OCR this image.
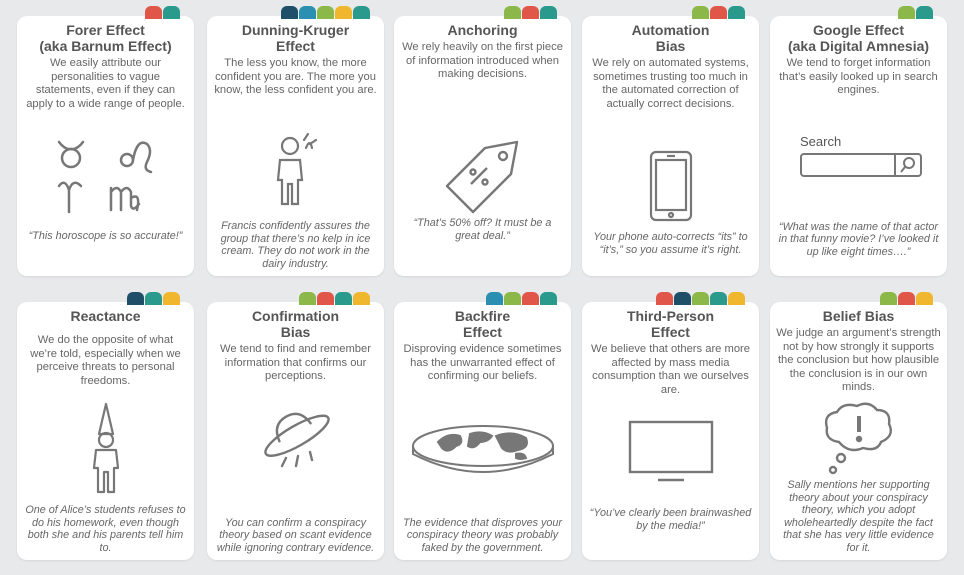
Forer Effect
(aka Barnum Effect)
We easily attribute our personalities to vague statements, even if they can apply to a wide range of people.
“This horoscope is so accurate!”
Dunning-Kruger
Effect
The less you know, the more confident you are. The more you know, the less confident you are.
Francis confidently assures the group that there’s no kelp in ice cream. They do not work in the dairy industry.
Anchoring
We rely heavily on the first piece of information introduced when making decisions.
“That’s 50% off? It must be a great deal.”
Automation
Bias
We rely on automated systems, sometimes trusting too much in the automated correction of actually correct decisions.
Your phone auto-corrects “its” to “it’s,” so you assume it’s right.
Google Effect
(aka Digital Amnesia)
We tend to forget information that’s easily looked up in search engines.
Search
“What was the name of that actor in that funny movie? I’ve looked it up like eight times….”
Reactance
We do the opposite of what we’re told, especially when we perceive threats to personal freedoms.
One of Alice’s students refuses to do his homework, even though both she and his parents tell him to.
Confirmation
Bias
We tend to find and remember information that confirms our perceptions.
You can confirm a conspiracy theory based on scant evidence while ignoring contrary evidence.
Backfire
Effect
Disproving evidence sometimes has the unwarranted effect of confirming our beliefs.
The evidence that disproves your conspiracy theory was probably faked by the government.
Third-Person
Effect
We believe that others are more affected by mass media consumption than we ourselves are.
“You’ve clearly been brainwashed by the media!”
Belief Bias
We judge an argument’s strength not by how strongly it supports the conclusion but how plausible the conclusion is in our own minds.
Sally mentions her supporting theory about your conspiracy theory, which you adopt wholeheartedly despite the fact that she has very little evidence for it.
